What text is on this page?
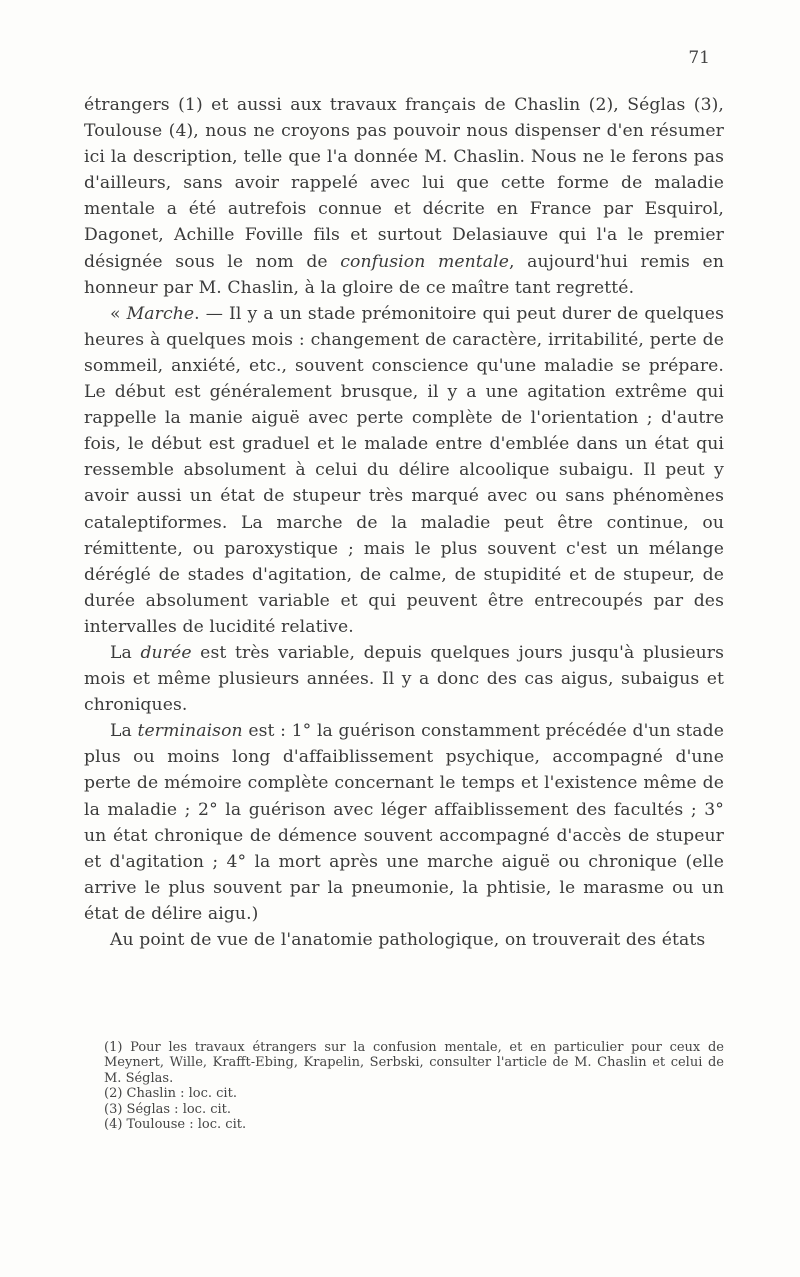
71

étrangers (1) et aussi aux travaux français de Chaslin (2), Séglas (3), Toulouse (4), nous ne croyons pas pouvoir nous dispenser d'en résumer ici la description, telle que l'a donnée M. Chaslin. Nous ne le ferons pas d'ailleurs, sans avoir rappelé avec lui que cette forme de maladie mentale a été autrefois connue et décrite en France par Esquirol, Dagonet, Achille Foville fils et surtout Delasiauve qui l'a le premier désignée sous le nom de confusion mentale, aujourd'hui remis en honneur par M. Chaslin, à la gloire de ce maître tant regretté.

« Marche. — Il y a un stade prémonitoire qui peut durer de quelques heures à quelques mois : changement de caractère, irritabilité, perte de sommeil, anxiété, etc., souvent conscience qu'une maladie se prépare. Le début est généralement brusque, il y a une agitation extrême qui rappelle la manie aiguë avec perte complète de l'orientation ; d'autre fois, le début est graduel et le malade entre d'emblée dans un état qui ressemble absolument à celui du délire alcoolique subaigu. Il peut y avoir aussi un état de stupeur très marqué avec ou sans phénomènes cataleptiformes. La marche de la maladie peut être continue, ou rémittente, ou paroxystique ; mais le plus souvent c'est un mélange déréglé de stades d'agitation, de calme, de stupidité et de stupeur, de durée absolument variable et qui peuvent être entrecoupés par des intervalles de lucidité relative.

La durée est très variable, depuis quelques jours jusqu'à plusieurs mois et même plusieurs années. Il y a donc des cas aigus, subaigus et chroniques.

La terminaison est : 1° la guérison constamment précédée d'un stade plus ou moins long d'affaiblissement psychique, accompagné d'une perte de mémoire complète concernant le temps et l'existence même de la maladie ; 2° la guérison avec léger affaiblissement des facultés ; 3° un état chronique de démence souvent accompagné d'accès de stupeur et d'agitation ; 4° la mort après une marche aiguë ou chronique (elle arrive le plus souvent par la pneumonie, la phtisie, le marasme ou un état de délire aigu.)

Au point de vue de l'anatomie pathologique, on trouverait des états

(1) Pour les travaux étrangers sur la confusion mentale, et en particulier pour ceux de Meynert, Wille, Krafft-Ebing, Krapelin, Serbski, consulter l'article de M. Chaslin et celui de M. Séglas.

(2) Chaslin : loc. cit.

(3) Séglas : loc. cit.

(4) Toulouse : loc. cit.
